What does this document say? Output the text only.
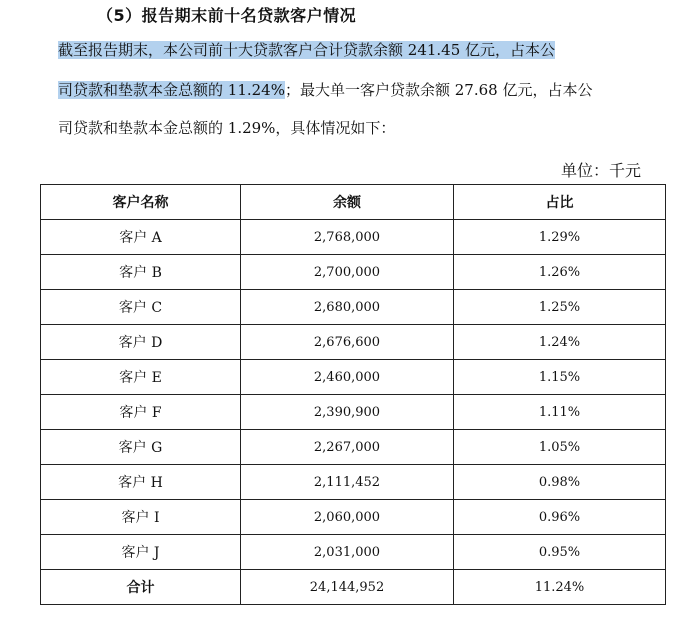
（5）报告期末前十名贷款客户情况
截至报告期末，本公司前十大贷款客户合计贷款余额 241.45 亿元，占本公
司贷款和垫款本金总额的 11.24%；最大单一客户贷款余额 27.68 亿元，占本公
司贷款和垫款本金总额的 1.29%，具体情况如下：
单位：千元
客户名称	余额	占比
客户 A	2,768,000	1.29%
客户 B	2,700,000	1.26%
客户 C	2,680,000	1.25%
客户 D	2,676,600	1.24%
客户 E	2,460,000	1.15%
客户 F	2,390,900	1.11%
客户 G	2,267,000	1.05%
客户 H	2,111,452	0.98%
客户 I	2,060,000	0.96%
客户 J	2,031,000	0.95%
合计	24,144,952	11.24%
